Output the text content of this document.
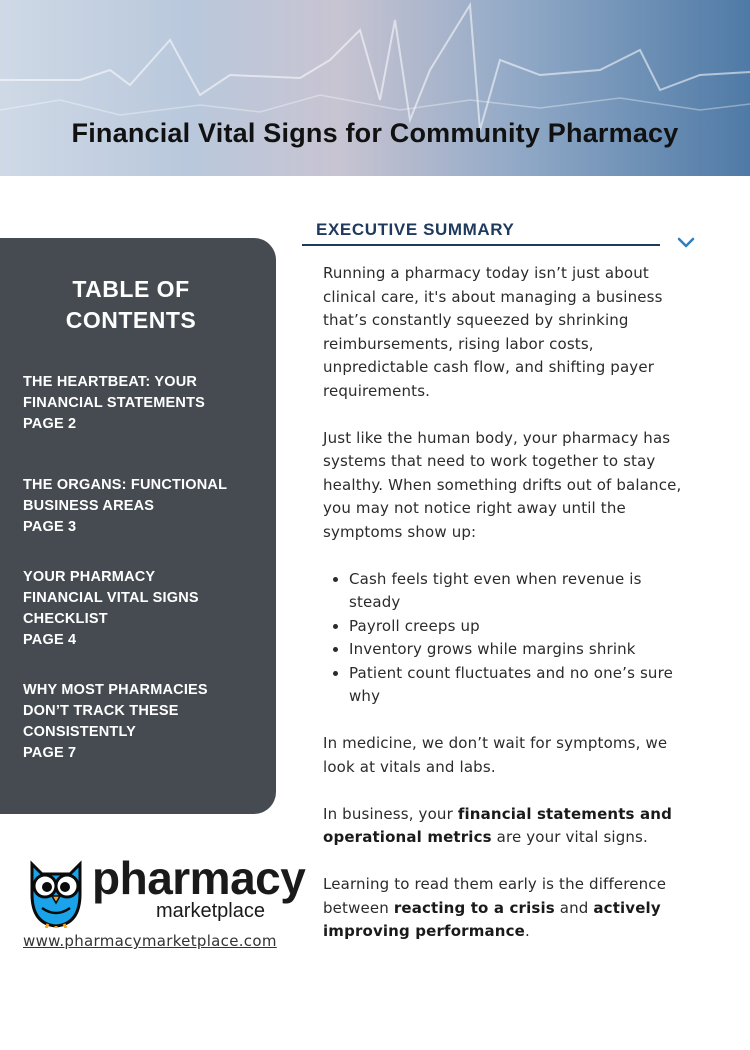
Financial Vital Signs for Community Pharmacy
TABLE OF
CONTENTS
THE HEARTBEAT: YOUR
FINANCIAL STATEMENTS
PAGE 2
THE ORGANS: FUNCTIONAL
BUSINESS AREAS
PAGE 3
YOUR PHARMACY
FINANCIAL VITAL SIGNS
CHECKLIST
PAGE 4
WHY MOST PHARMACIES
DON’T TRACK THESE
CONSISTENTLY
PAGE 7
pharmacy
marketplace
www.pharmacymarketplace.com
EXECUTIVE SUMMARY

Running a pharmacy today isn’t just about clinical care, it's about managing a business that’s constantly squeezed by shrinking reimbursements, rising labor costs, unpredictable cash flow, and shifting payer requirements.

Just like the human body, your pharmacy has systems that need to work together to stay healthy. When something drifts out of balance, you may not notice right away until the symptoms show up:

• Cash feels tight even when revenue is steady
• Payroll creeps up
• Inventory grows while margins shrink
• Patient count fluctuates and no one’s sure why

In medicine, we don’t wait for symptoms, we look at vitals and labs.

In business, your financial statements and operational metrics are your vital signs.

Learning to read them early is the difference between reacting to a crisis and actively improving performance.
